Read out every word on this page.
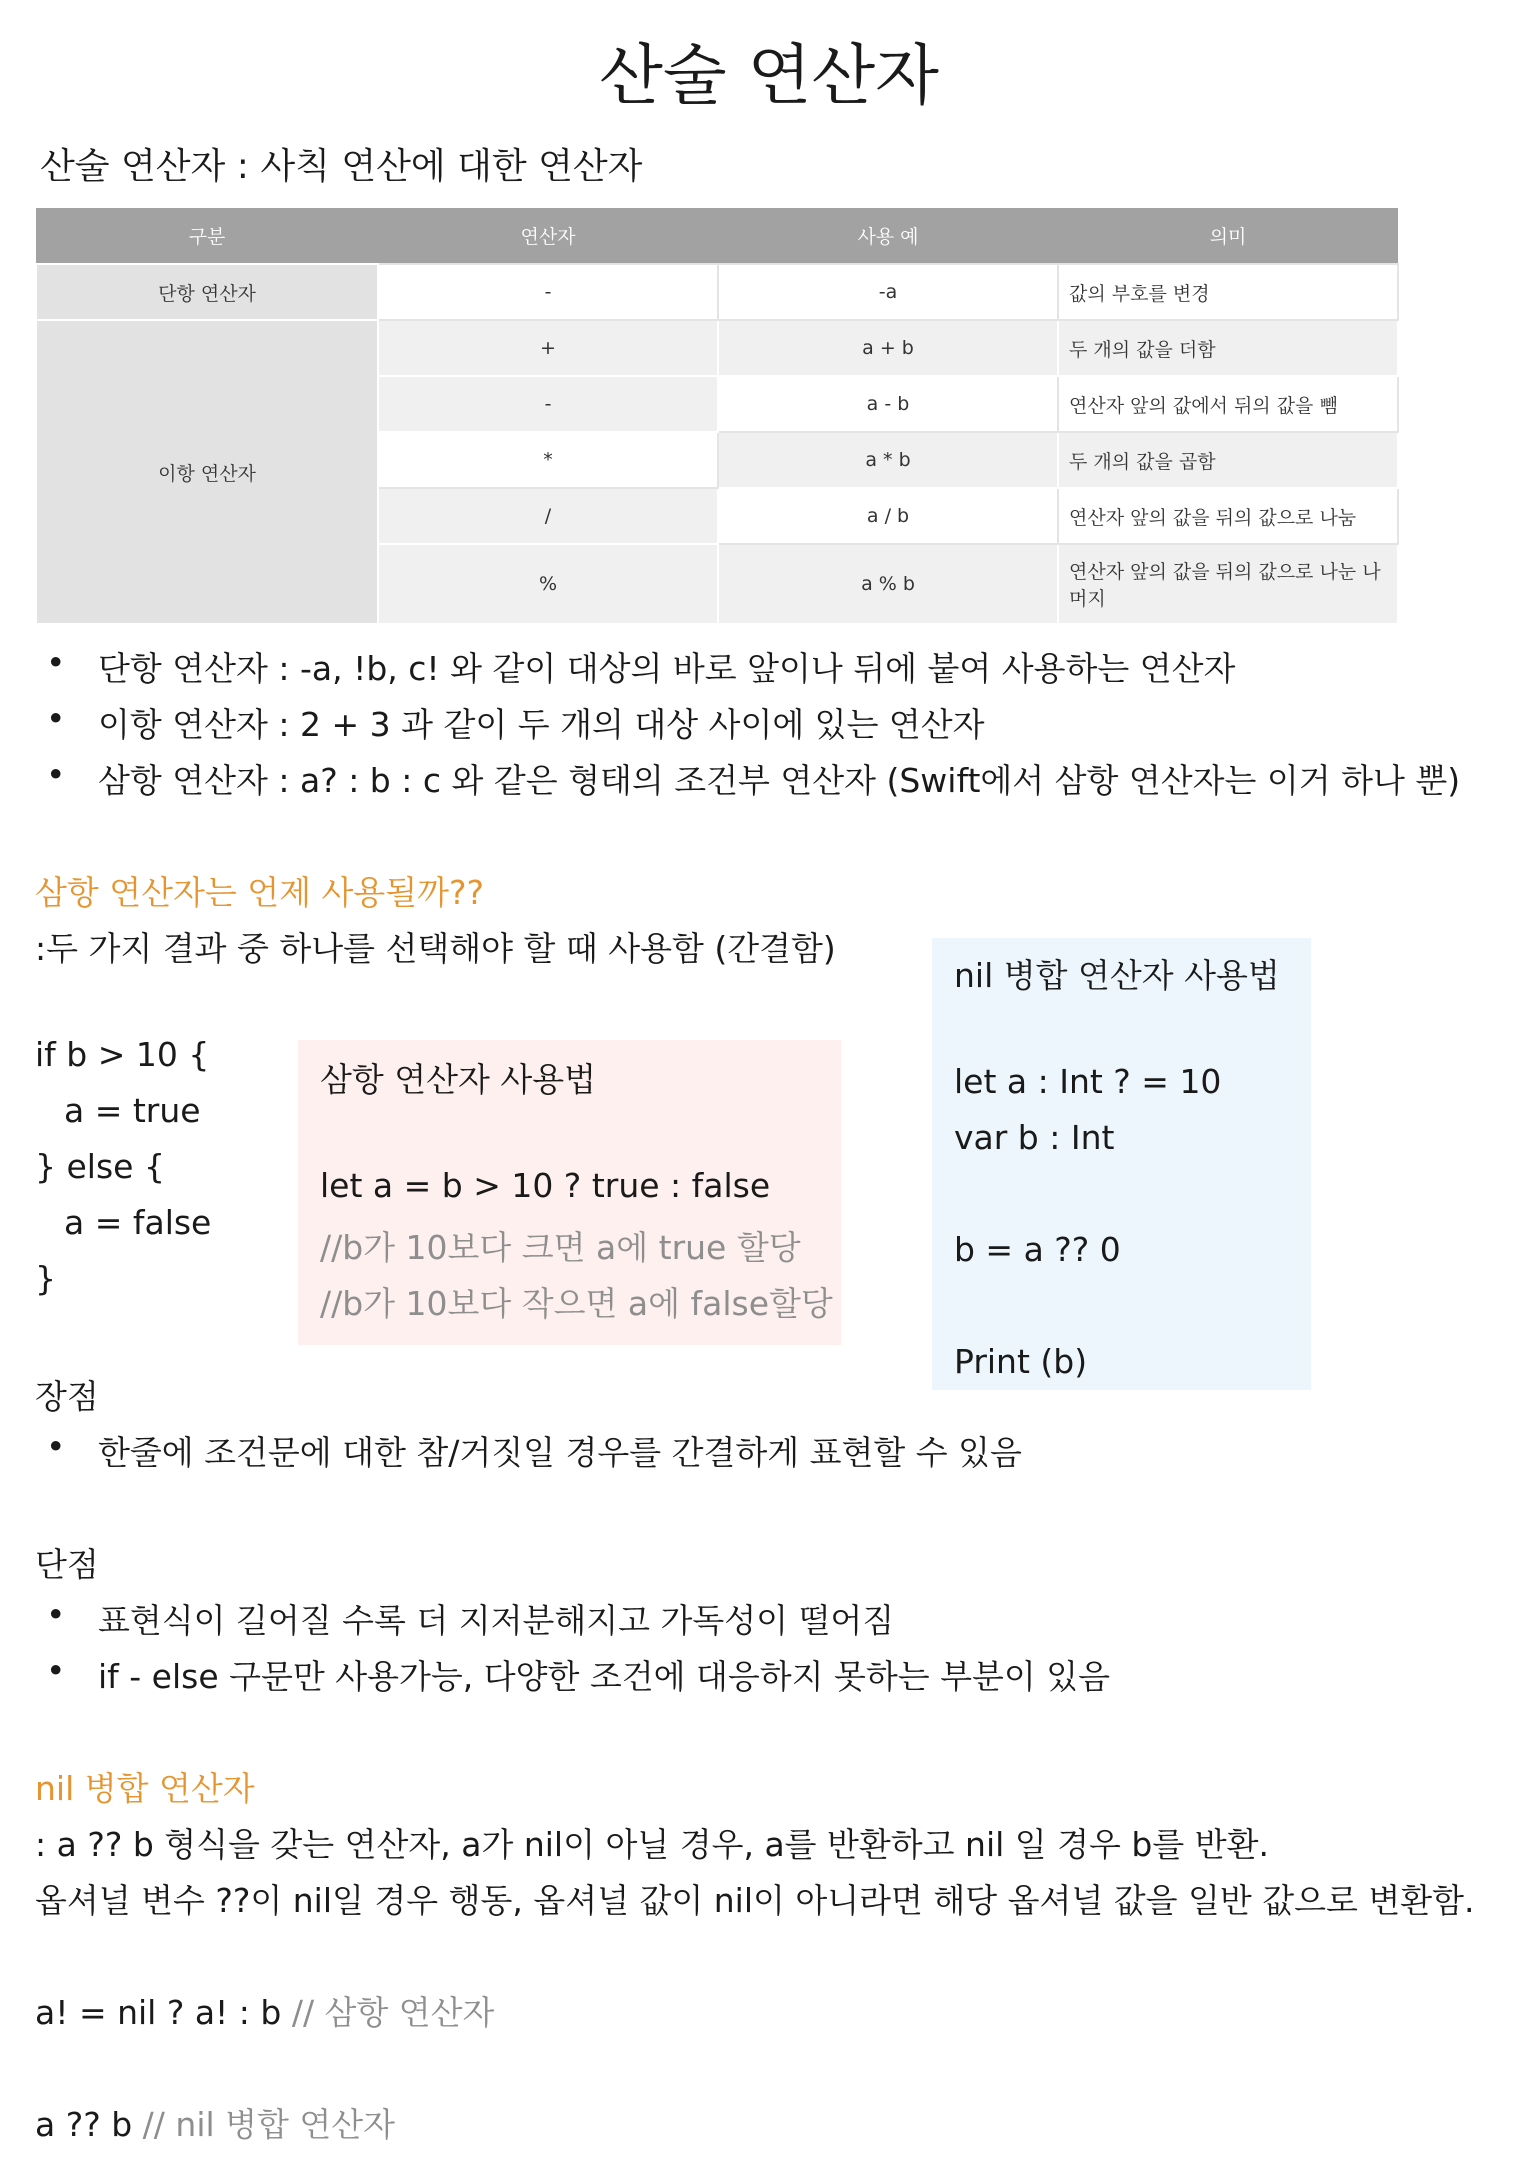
산술 연산자
산술 연산자 : 사칙 연산에 대한 연산자
구분	연산자	사용 예	의미
단항 연산자	-	-a	값의 부호를 변경
이항 연산자	+	a + b	두 개의 값을 더함
	-	a - b	연산자 앞의 값에서 뒤의 값을 뺌
	*	a * b	두 개의 값을 곱함
	/	a / b	연산자 앞의 값을 뒤의 값으로 나눔
	%	a % b	연산자 앞의 값을 뒤의 값으로 나눈 나
머지
• 단항 연산자 : -a, !b, c! 와 같이 대상의 바로 앞이나 뒤에 붙여 사용하는 연산자
• 이항 연산자 : 2 + 3 과 같이 두 개의 대상 사이에 있는 연산자
• 삼항 연산자 : a? : b : c 와 같은 형태의 조건부 연산자 (Swift에서 삼항 연산자는 이거 하나 뿐)
삼항 연산자는 언제 사용될까??
:두 가지 결과 중 하나를 선택해야 할 때 사용함 (간결함)
if b > 10 {
a = true
} else {
a = false
}
삼항 연산자 사용법
let a = b > 10 ? true : false
//b가 10보다 크면 a에 true 할당
//b가 10보다 작으면 a에 false할당
nil 병합 연산자 사용법
let a : Int ? = 10
var b : Int
b = a ?? 0
Print (b)
장점
• 한줄에 조건문에 대한 참/거짓일 경우를 간결하게 표현할 수 있음
단점
• 표현식이 길어질 수록 더 지저분해지고 가독성이 떨어짐
• if - else 구문만 사용가능, 다양한 조건에 대응하지 못하는 부분이 있음
nil 병합 연산자
: a ?? b 형식을 갖는 연산자, a가 nil이 아닐 경우, a를 반환하고 nil 일 경우 b를 반환.
옵셔널 변수 ??이 nil일 경우 행동, 옵셔널 값이 nil이 아니라면 해당 옵셔널 값을 일반 값으로 변환함.
a! = nil ? a! : b // 삼항 연산자
a ?? b // nil 병합 연산자
